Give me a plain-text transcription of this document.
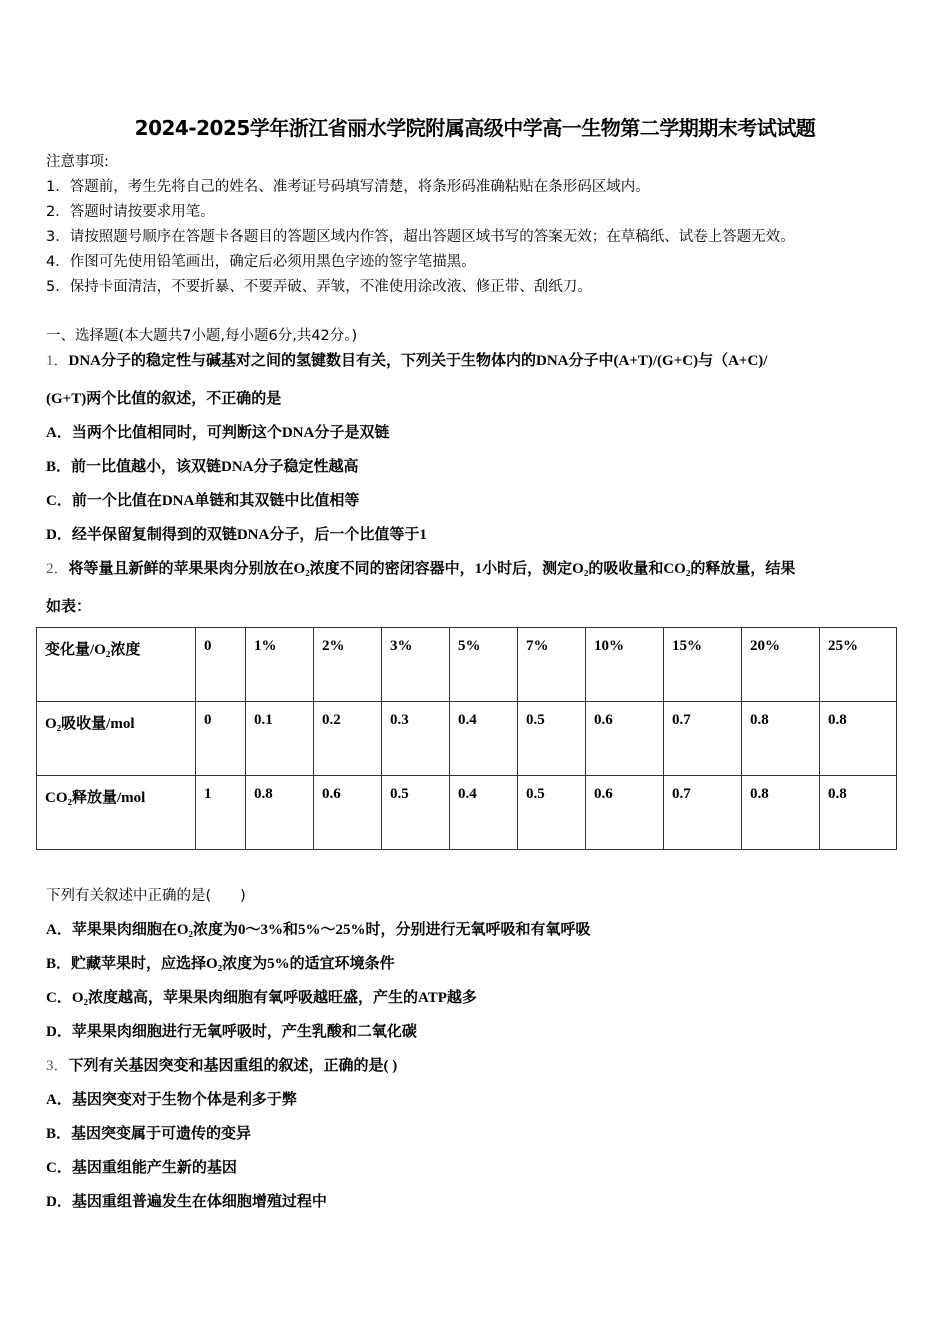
2024-2025学年浙江省丽水学院附属高级中学高一生物第二学期期末考试试题
注意事项:
1．答题前，考生先将自己的姓名、准考证号码填写清楚，将条形码准确粘贴在条形码区域内。
2．答题时请按要求用笔。
3．请按照题号顺序在答题卡各题目的答题区域内作答，超出答题区域书写的答案无效；在草稿纸、试卷上答题无效。
4．作图可先使用铅笔画出，确定后必须用黑色字迹的签字笔描黑。
5．保持卡面清洁，不要折暴、不要弄破、弄皱，不准使用涂改液、修正带、刮纸刀。
一、选择题(本大题共7小题,每小题6分,共42分。)
1．DNA分子的稳定性与碱基对之间的氢键数目有关，下列关于生物体内的DNA分子中(A+T)/(G+C)与（A+C)/
(G+T)两个比值的叙述，不正确的是
A．当两个比值相同时，可判断这个DNA分子是双链
B．前一比值越小，该双链DNA分子稳定性越高
C．前一个比值在DNA单链和其双链中比值相等
D．经半保留复制得到的双链DNA分子，后一个比值等于1
2．将等量且新鲜的苹果果肉分别放在O₂浓度不同的密闭容器中，1小时后，测定O₂的吸收量和CO₂的释放量，结果
如表：
变化量/O₂浓度	0	1%	2%	3%	5%	7%	10%	15%	20%	25%
O₂吸收量/mol	0	0.1	0.2	0.3	0.4	0.5	0.6	0.7	0.8	0.8
CO₂释放量/mol	1	0.8	0.6	0.5	0.4	0.5	0.6	0.7	0.8	0.8
下列有关叙述中正确的是(　　)
A．苹果果肉细胞在O₂浓度为0～3%和5%～25%时，分别进行无氧呼吸和有氧呼吸
B．贮藏苹果时，应选择O₂浓度为5%的适宜环境条件
C．O₂浓度越高，苹果果肉细胞有氧呼吸越旺盛，产生的ATP越多
D．苹果果肉细胞进行无氧呼吸时，产生乳酸和二氧化碳
3．下列有关基因突变和基因重组的叙述，正确的是( )
A．基因突变对于生物个体是利多于弊
B．基因突变属于可遗传的变异
C．基因重组能产生新的基因
D．基因重组普遍发生在体细胞增殖过程中
